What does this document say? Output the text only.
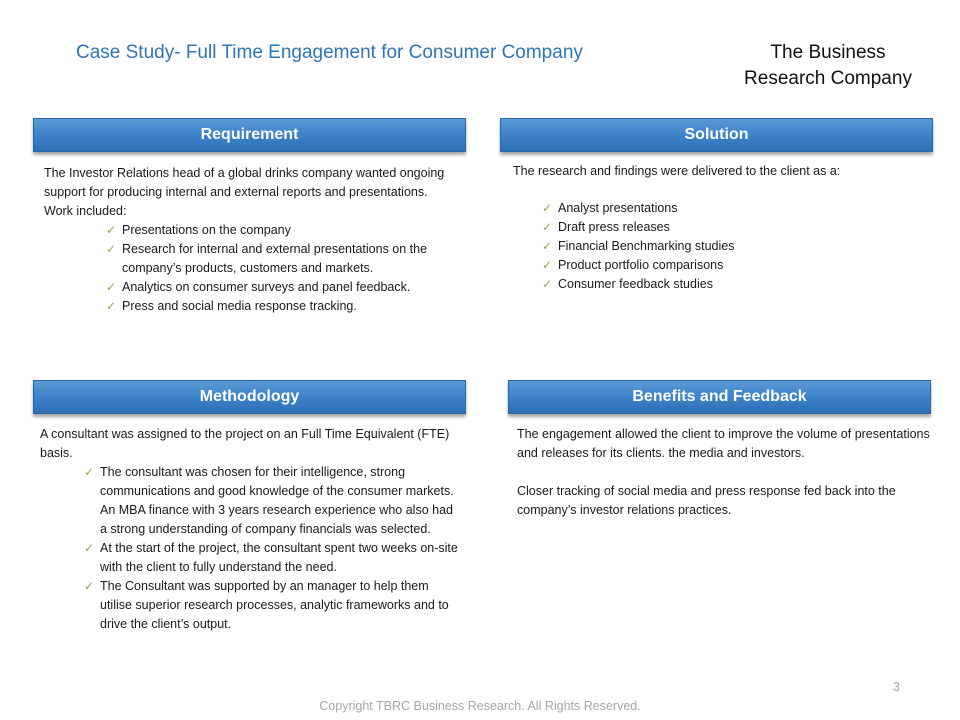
Case Study- Full Time Engagement for Consumer Company	The Business
Research Company
Requirement

The Investor Relations head of a global drinks company wanted ongoing support for producing internal and external reports and presentations.

Work included:

✓ Presentations on the company
✓ Research for internal and external presentations on the company’s products, customers and markets.
✓ Analytics on consumer surveys and panel feedback.
✓ Press and social media response tracking.
Solution

The research and findings were delivered to the client as a:

✓ Analyst presentations
✓ Draft press releases
✓ Financial Benchmarking studies
✓ Product portfolio comparisons
✓ Consumer feedback studies
Methodology

A consultant was assigned to the project on an Full Time Equivalent (FTE) basis.

✓ The consultant was chosen for their intelligence, strong communications and good knowledge of the consumer markets. An MBA finance with 3 years research experience who also had a strong understanding of company financials was selected.
✓ At the start of the project, the consultant spent two weeks on-site with the client to fully understand the need.
✓ The Consultant was supported by an manager to help them utilise superior research processes, analytic frameworks and to drive the client’s output.
Benefits and Feedback

The engagement allowed the client to improve the volume of presentations and releases for its clients. the media and investors.

Closer tracking of social media and press response fed back into the company’s investor relations practices.

3
Copyright TBRC Business Research. All Rights Reserved.
